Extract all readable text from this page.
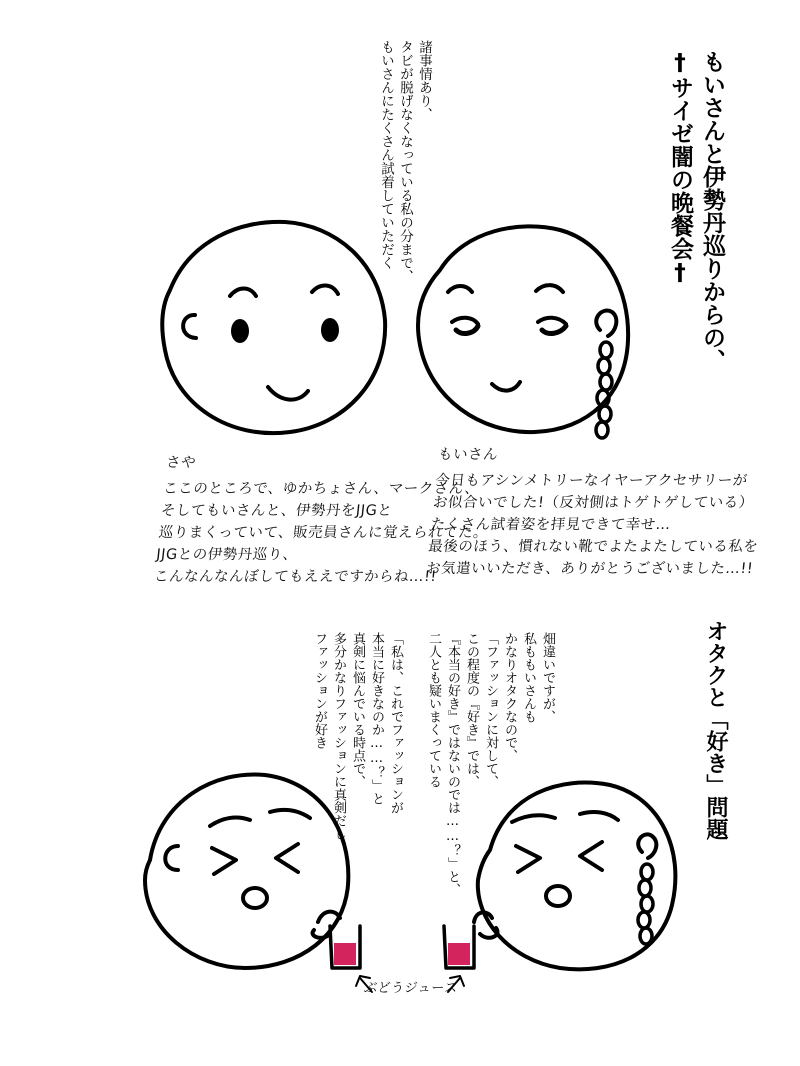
もいさんと伊勢丹巡りからの、
†サイゼ闇の晩餐会†
諸事情あり、
タビが脱げなくなっている私の分まで、
もいさんにたくさん試着していただく
さや
ここのところで、ゆかちょさん、マークさん、
そしてもいさんと、伊勢丹をJJGと
巡りまくっていて、販売員さんに覚えられてた。
JJGとの伊勢丹巡り、
こんなんなんぼしてもええですからね…!!
もいさん
今日もアシンメトリーなイヤーアクセサリーが
お似合いでした!（反対側はトゲトゲしている）
たくさん試着姿を拝見できて幸せ…
最後のほう、慣れない靴でよたよたしている私を
お気遣いいただき、ありがとうございました…!!
オタクと「好き」問題
畑違いですが、
私ももいさんも
かなりオタクなので、
「ファッションに対して、
この程度の『好き』では、
『本当の好き』ではないのでは……？」と、
二人とも疑いまくっている
「私は、これでファッションが
本当に好きなのか……？」と
真剣に悩んでいる時点で、
多分かなりファッションに真剣だし、
ファッションが好き
ぶどうジュース
